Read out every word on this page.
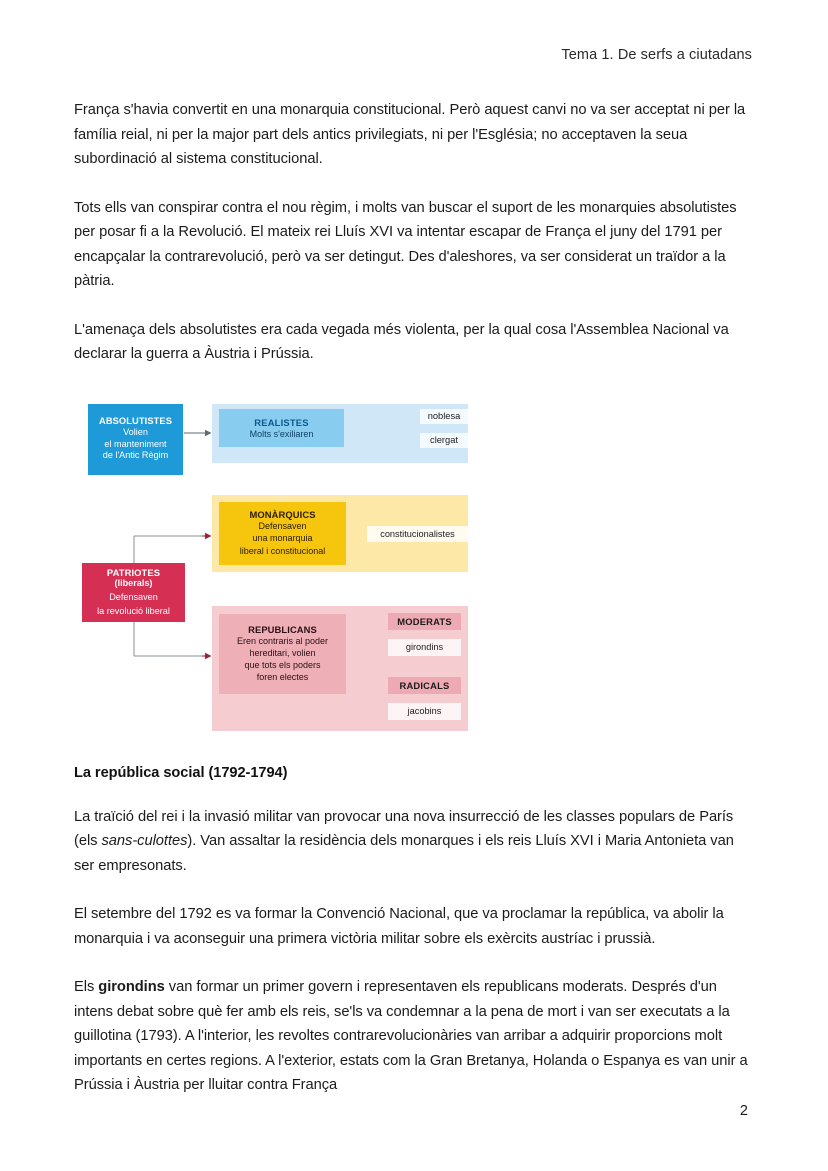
Tema 1. De serfs a ciutadans

França s'havia convertit en una monarquia constitucional. Però aquest canvi no va ser acceptat ni per la família reial, ni per la major part dels antics privilegiats, ni per l'Església; no acceptaven la seua subordinació al sistema constitucional.

Tots ells van conspirar contra el nou règim, i molts van buscar el suport de les monarquies absolutistes per posar fi a la Revolució. El mateix rei Lluís XVI va intentar escapar de França el juny del 1791 per encapçalar la contrarevolució, però va ser detingut. Des d'aleshores, va ser considerat un traïdor a la pàtria.

L'amenaça dels absolutistes era cada vegada més violenta, per la qual cosa l'Assemblea Nacional va declarar la guerra a Àustria i Prússia.

ABSOLUTISTES
Volien
el manteniment
de l'Antic Règim
REALISTES
Molts s'exiliaren
noblesa
clergat
MONÀRQUICS
Defensaven
una monarquia
liberal i constitucional
constitucionalistes
PATRIOTES
(liberals)
Defensaven
la revolució liberal
REPUBLICANS
Eren contraris al poder
hereditari, volien
que tots els poders
foren electes
MODERATS
girondins
RADICALS
jacobins
La república social (1792-1794)

La traïció del rei i la invasió militar van provocar una nova insurrecció de les classes populars de París (els sans-culottes). Van assaltar la residència dels monarques i els reis Lluís XVI i Maria Antonieta van ser empresonats.

El setembre del 1792 es va formar la Convenció Nacional, que va proclamar la república, va abolir la monarquia i va aconseguir una primera victòria militar sobre els exèrcits austríac i prussià.

Els girondins van formar un primer govern i representaven els republicans moderats. Després d'un intens debat sobre què fer amb els reis, se'ls va condemnar a la pena de mort i van ser executats a la guillotina (1793). A l'interior, les revoltes contrarevolucionàries van arribar a adquirir proporcions molt importants en certes regions. A l'exterior, estats com la Gran Bretanya, Holanda o Espanya es van unir a Prússia i Àustria per lluitar contra França

2
